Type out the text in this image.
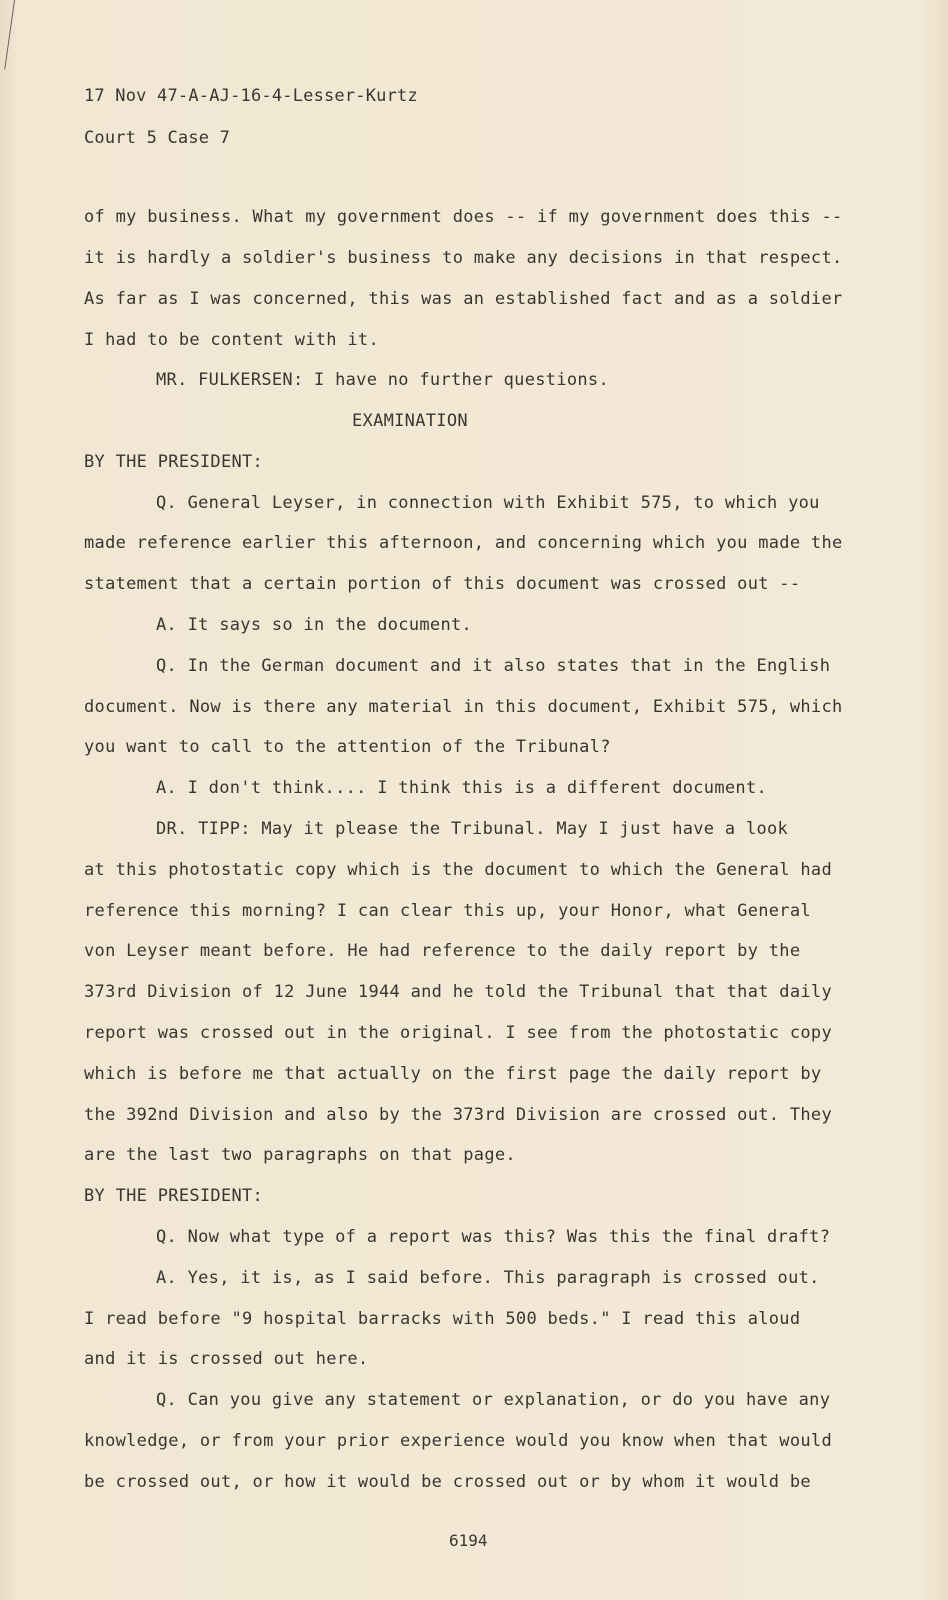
17 Nov 47-A-AJ-16-4-Lesser-Kurtz
Court 5 Case 7
of my business. What my government does -- if my government does this --
it is hardly a soldier's business to make any decisions in that respect.
As far as I was concerned, this was an established fact and as a soldier
I had to be content with it.
MR. FULKERSEN: I have no further questions.
EXAMINATION
BY THE PRESIDENT:
Q. General Leyser, in connection with Exhibit 575, to which you
made reference earlier this afternoon, and concerning which you made the
statement that a certain portion of this document was crossed out --
A. It says so in the document.
Q. In the German document and it also states that in the English
document. Now is there any material in this document, Exhibit 575, which
you want to call to the attention of the Tribunal?
A. I don't think.... I think this is a different document.
DR. TIPP: May it please the Tribunal. May I just have a look
at this photostatic copy which is the document to which the General had
reference this morning? I can clear this up, your Honor, what General
von Leyser meant before. He had reference to the daily report by the
373rd Division of 12 June 1944 and he told the Tribunal that that daily
report was crossed out in the original. I see from the photostatic copy
which is before me that actually on the first page the daily report by
the 392nd Division and also by the 373rd Division are crossed out. They
are the last two paragraphs on that page.
BY THE PRESIDENT:
Q. Now what type of a report was this? Was this the final draft?
A. Yes, it is, as I said before. This paragraph is crossed out.
I read before "9 hospital barracks with 500 beds." I read this aloud
and it is crossed out here.
Q. Can you give any statement or explanation, or do you have any
knowledge, or from your prior experience would you know when that would
be crossed out, or how it would be crossed out or by whom it would be
6194
